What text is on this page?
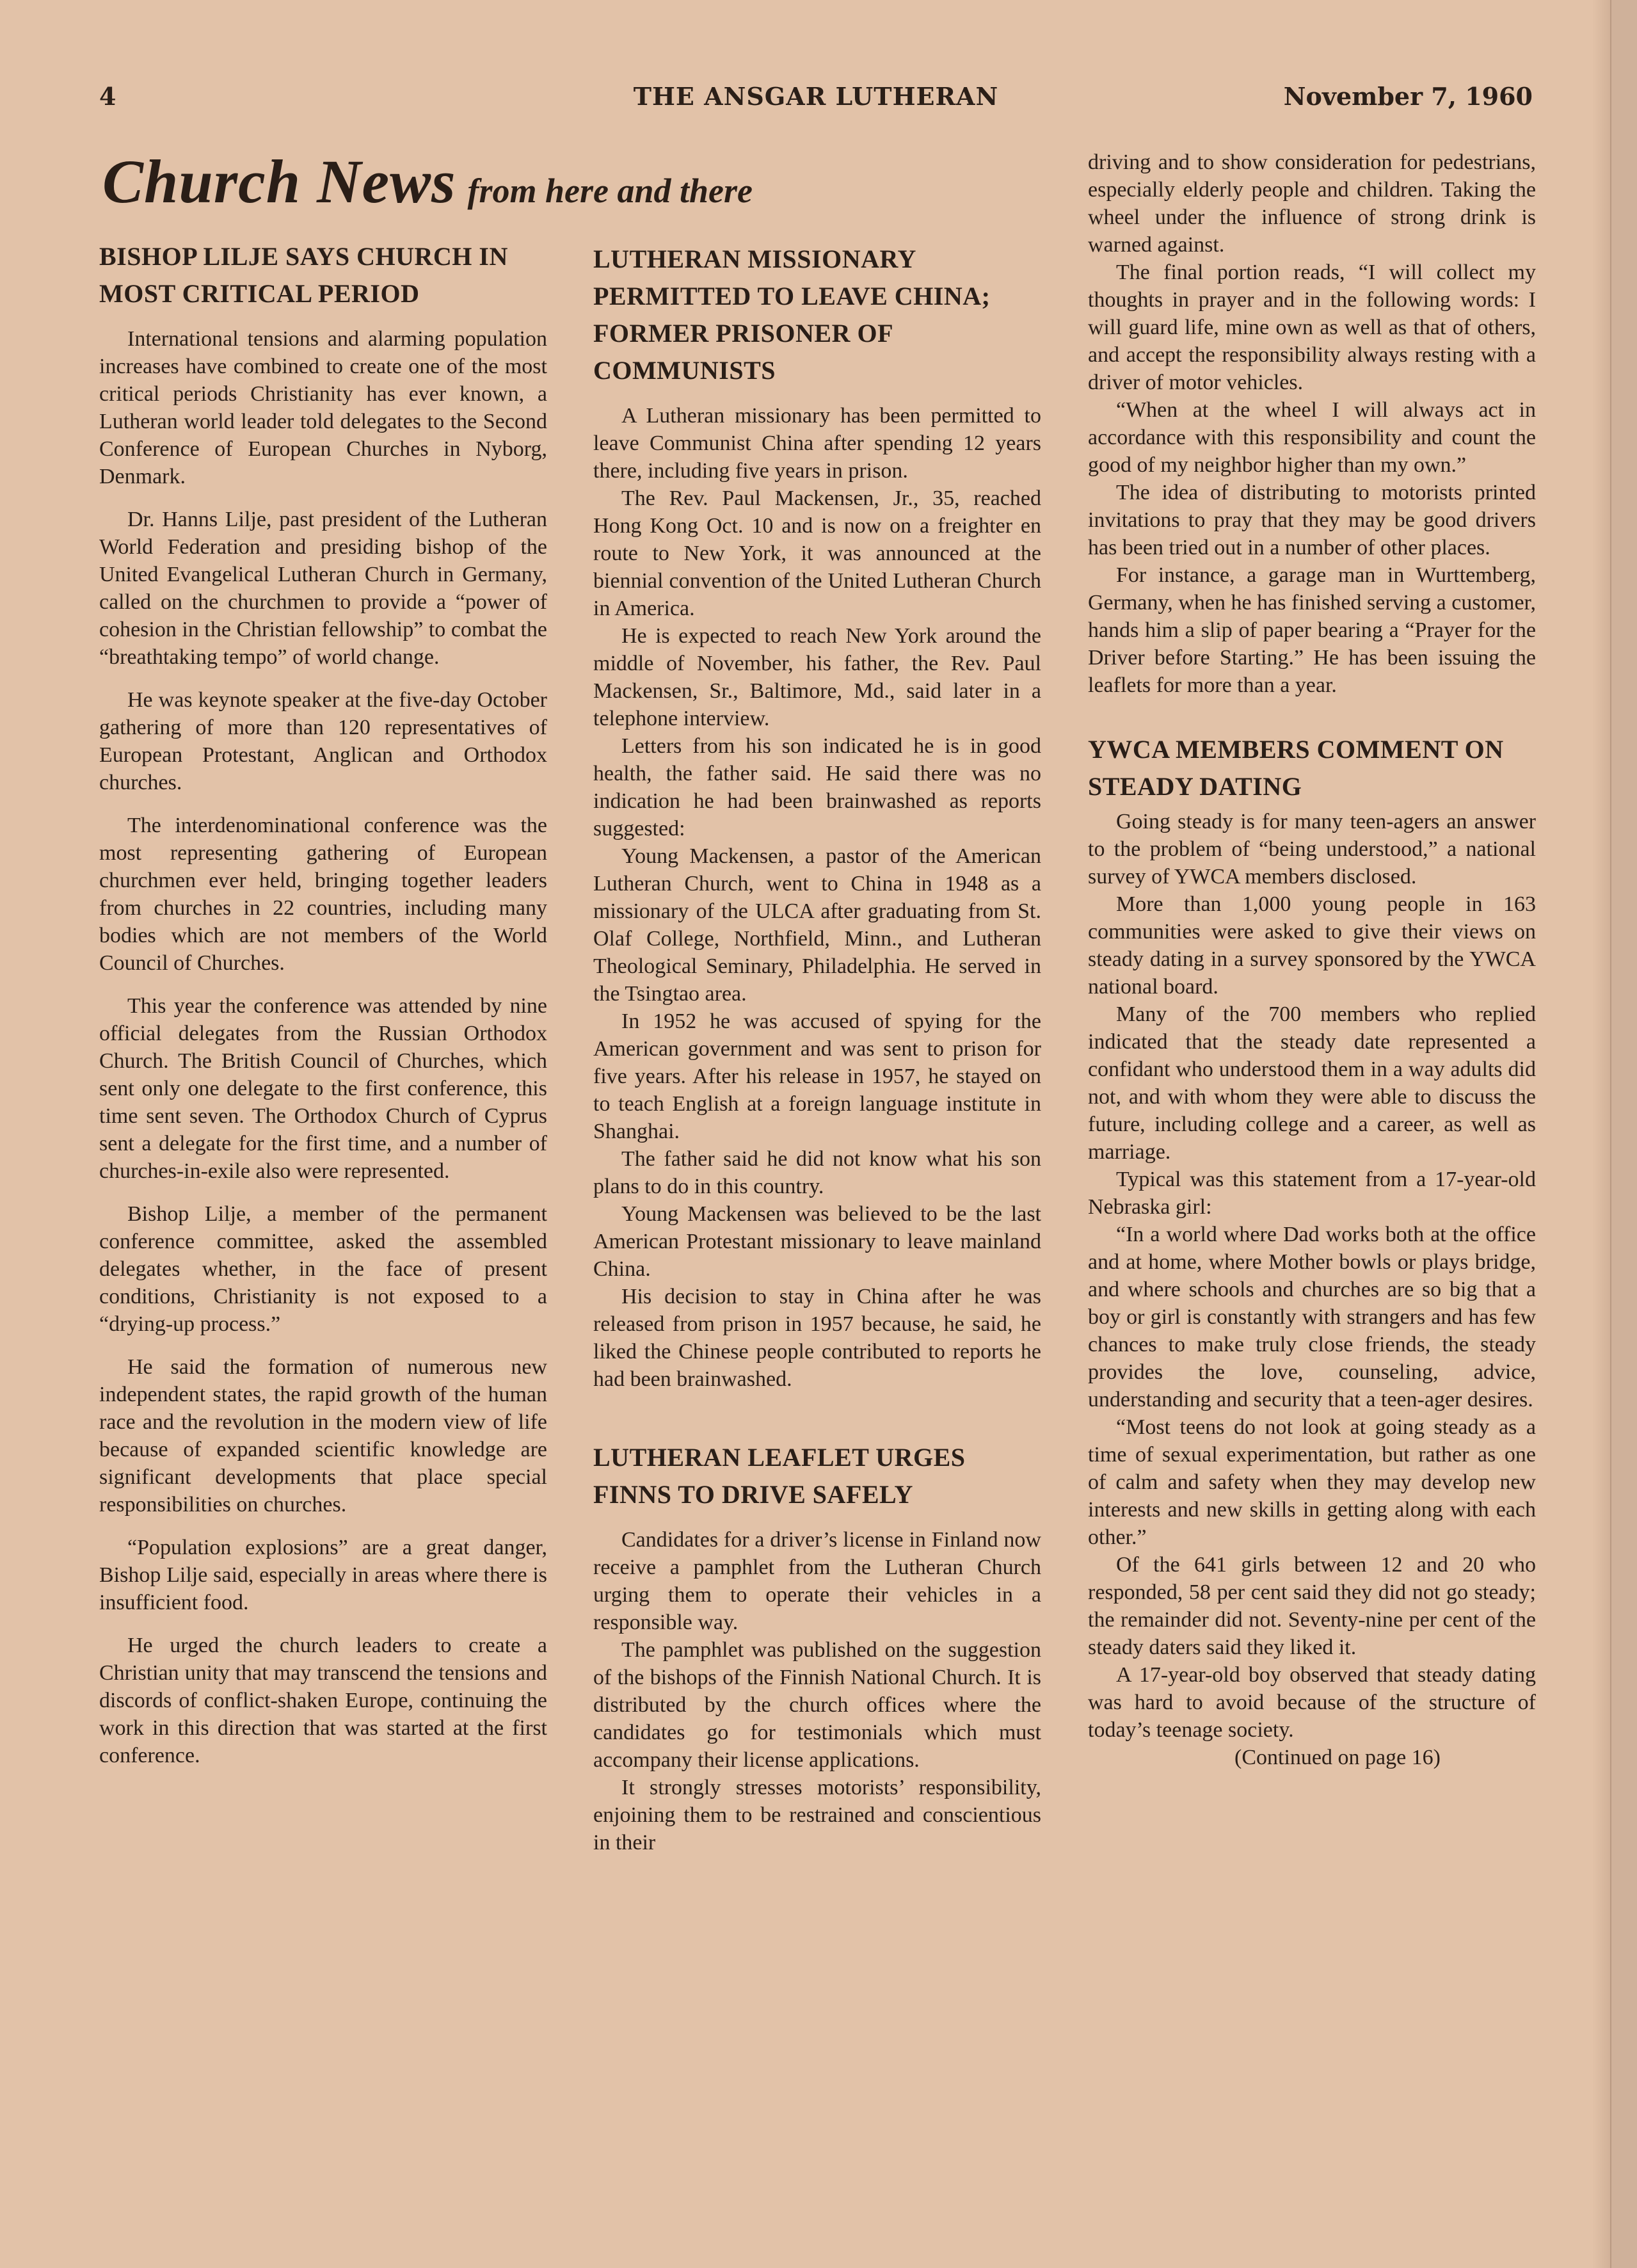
4	THE ANSGAR LUTHERAN	November 7, 1960
Church News from here and there
BISHOP LILJE SAYS CHURCH IN MOST CRITICAL PERIOD
International tensions and alarming population increases have combined to create one of the most critical periods Christianity has ever known, a Lutheran world leader told delegates to the Second Conference of European Churches in Nyborg, Denmark.
Dr. Hanns Lilje, past president of the Lutheran World Federation and presiding bishop of the United Evangelical Lutheran Church in Germany, called on the churchmen to provide a “power of cohesion in the Christian fellowship” to combat the “breathtaking tempo” of world change.
He was keynote speaker at the five-day October gathering of more than 120 representatives of European Protestant, Anglican and Orthodox churches.
The interdenominational conference was the most representing gathering of European churchmen ever held, bringing together leaders from churches in 22 countries, including many bodies which are not members of the World Council of Churches.
This year the conference was attended by nine official delegates from the Russian Orthodox Church. The British Council of Churches, which sent only one delegate to the first conference, this time sent seven. The Orthodox Church of Cyprus sent a delegate for the first time, and a number of churches-in-exile also were represented.
Bishop Lilje, a member of the permanent conference committee, asked the assembled delegates whether, in the face of present conditions, Christianity is not exposed to a “drying-up process.”
He said the formation of numerous new independent states, the rapid growth of the human race and the revolution in the modern view of life because of expanded scientific knowledge are significant developments that place special responsibilities on churches.
“Population explosions” are a great danger, Bishop Lilje said, especially in areas where there is insufficient food.
He urged the church leaders to create a Christian unity that may transcend the tensions and discords of conflict-shaken Europe, continuing the work in this direction that was started at the first conference.
LUTHERAN MISSIONARY PERMITTED TO LEAVE CHINA; FORMER PRISONER OF COMMUNISTS
A Lutheran missionary has been permitted to leave Communist China after spending 12 years there, including five years in prison.
The Rev. Paul Mackensen, Jr., 35, reached Hong Kong Oct. 10 and is now on a freighter en route to New York, it was announced at the biennial convention of the United Lutheran Church in America.
He is expected to reach New York around the middle of November, his father, the Rev. Paul Mackensen, Sr., Baltimore, Md., said later in a telephone interview.
Letters from his son indicated he is in good health, the father said. He said there was no indication he had been brainwashed as reports suggested:
Young Mackensen, a pastor of the American Lutheran Church, went to China in 1948 as a missionary of the ULCA after graduating from St. Olaf College, Northfield, Minn., and Lutheran Theological Seminary, Philadelphia. He served in the Tsingtao area.
In 1952 he was accused of spying for the American government and was sent to prison for five years. After his release in 1957, he stayed on to teach English at a foreign language institute in Shanghai.
The father said he did not know what his son plans to do in this country.
Young Mackensen was believed to be the last American Protestant missionary to leave mainland China.
His decision to stay in China after he was released from prison in 1957 because, he said, he liked the Chinese people contributed to reports he had been brainwashed.
LUTHERAN LEAFLET URGES FINNS TO DRIVE SAFELY
Candidates for a driver’s license in Finland now receive a pamphlet from the Lutheran Church urging them to operate their vehicles in a responsible way.
The pamphlet was published on the suggestion of the bishops of the Finnish National Church. It is distributed by the church offices where the candidates go for testimonials which must accompany their license applications.
It strongly stresses motorists’ responsibility, enjoining them to be restrained and conscientious in their
driving and to show consideration for pedestrians, especially elderly people and children. Taking the wheel under the influence of strong drink is warned against.
The final portion reads, “I will collect my thoughts in prayer and in the following words: I will guard life, mine own as well as that of others, and accept the responsibility always resting with a driver of motor vehicles.
“When at the wheel I will always act in accordance with this responsibility and count the good of my neighbor higher than my own.”
The idea of distributing to motorists printed invitations to pray that they may be good drivers has been tried out in a number of other places.
For instance, a garage man in Wurttemberg, Germany, when he has finished serving a customer, hands him a slip of paper bearing a “Prayer for the Driver before Starting.” He has been issuing the leaflets for more than a year.
YWCA MEMBERS COMMENT ON STEADY DATING
Going steady is for many teen-agers an answer to the problem of “being understood,” a national survey of YWCA members disclosed.
More than 1,000 young people in 163 communities were asked to give their views on steady dating in a survey sponsored by the YWCA national board.
Many of the 700 members who replied indicated that the steady date represented a confidant who understood them in a way adults did not, and with whom they were able to discuss the future, including college and a career, as well as marriage.
Typical was this statement from a 17-year-old Nebraska girl:
“In a world where Dad works both at the office and at home, where Mother bowls or plays bridge, and where schools and churches are so big that a boy or girl is constantly with strangers and has few chances to make truly close friends, the steady provides the love, counseling, advice, understanding and security that a teen-ager desires.
“Most teens do not look at going steady as a time of sexual experimentation, but rather as one of calm and safety when they may develop new interests and new skills in getting along with each other.”
Of the 641 girls between 12 and 20 who responded, 58 per cent said they did not go steady; the remainder did not. Seventy-nine per cent of the steady daters said they liked it.
A 17-year-old boy observed that steady dating was hard to avoid because of the structure of today’s teenage society.
(Continued on page 16)
